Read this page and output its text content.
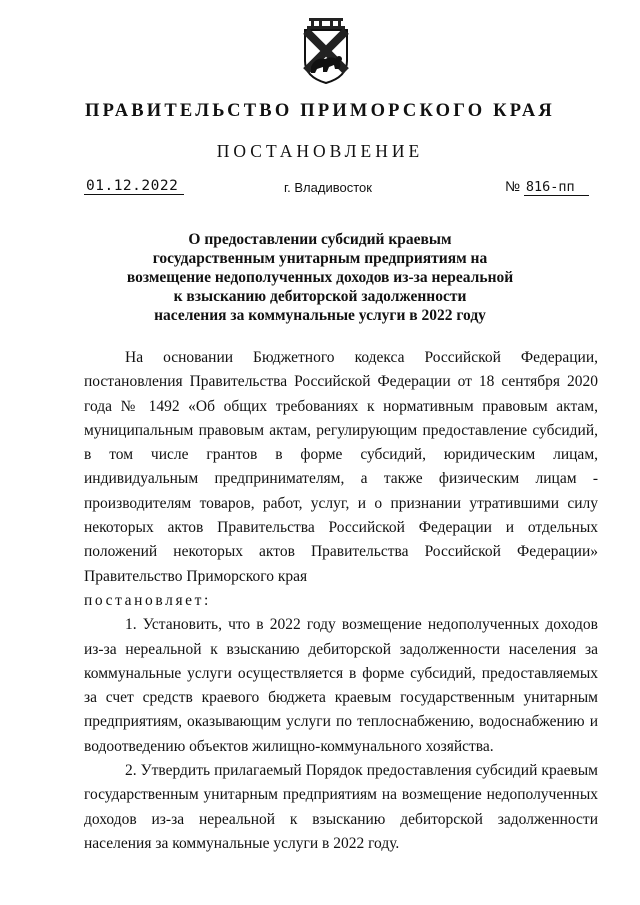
ПРАВИТЕЛЬСТВО ПРИМОРСКОГО КРАЯ
ПОСТАНОВЛЕНИЕ
01.12.2022	г. Владивосток	№ 816-пп
О предоставлении субсидий краевым
государственным унитарным предприятиям на
возмещение недополученных доходов из-за нереальной
к взысканию дебиторской задолженности
населения за коммунальные услуги в 2022 году

На основании Бюджетного кодекса Российской Федерации, постановления Правительства Российской Федерации от 18 сентября 2020 года № 1492 «Об общих требованиях к нормативным правовым актам, муниципальным правовым актам, регулирующим предоставление субсидий, в том числе грантов в форме субсидий, юридическим лицам, индивидуальным предпринимателям, а также физическим лицам - производителям товаров, работ, услуг, и о признании утратившими силу некоторых актов Правительства Российской Федерации и отдельных положений некоторых актов Правительства Российской Федерации» Правительство Приморского края
постановляет:

1. Установить, что в 2022 году возмещение недополученных доходов из-за нереальной к взысканию дебиторской задолженности населения за коммунальные услуги осуществляется в форме субсидий, предоставляемых за счет средств краевого бюджета краевым государственным унитарным предприятиям, оказывающим услуги по теплоснабжению, водоснабжению и водоотведению объектов жилищно-коммунального хозяйства.

2. Утвердить прилагаемый Порядок предоставления субсидий краевым государственным унитарным предприятиям на возмещение недополученных доходов из-за нереальной к взысканию дебиторской задолженности населения за коммунальные услуги в 2022 году.
